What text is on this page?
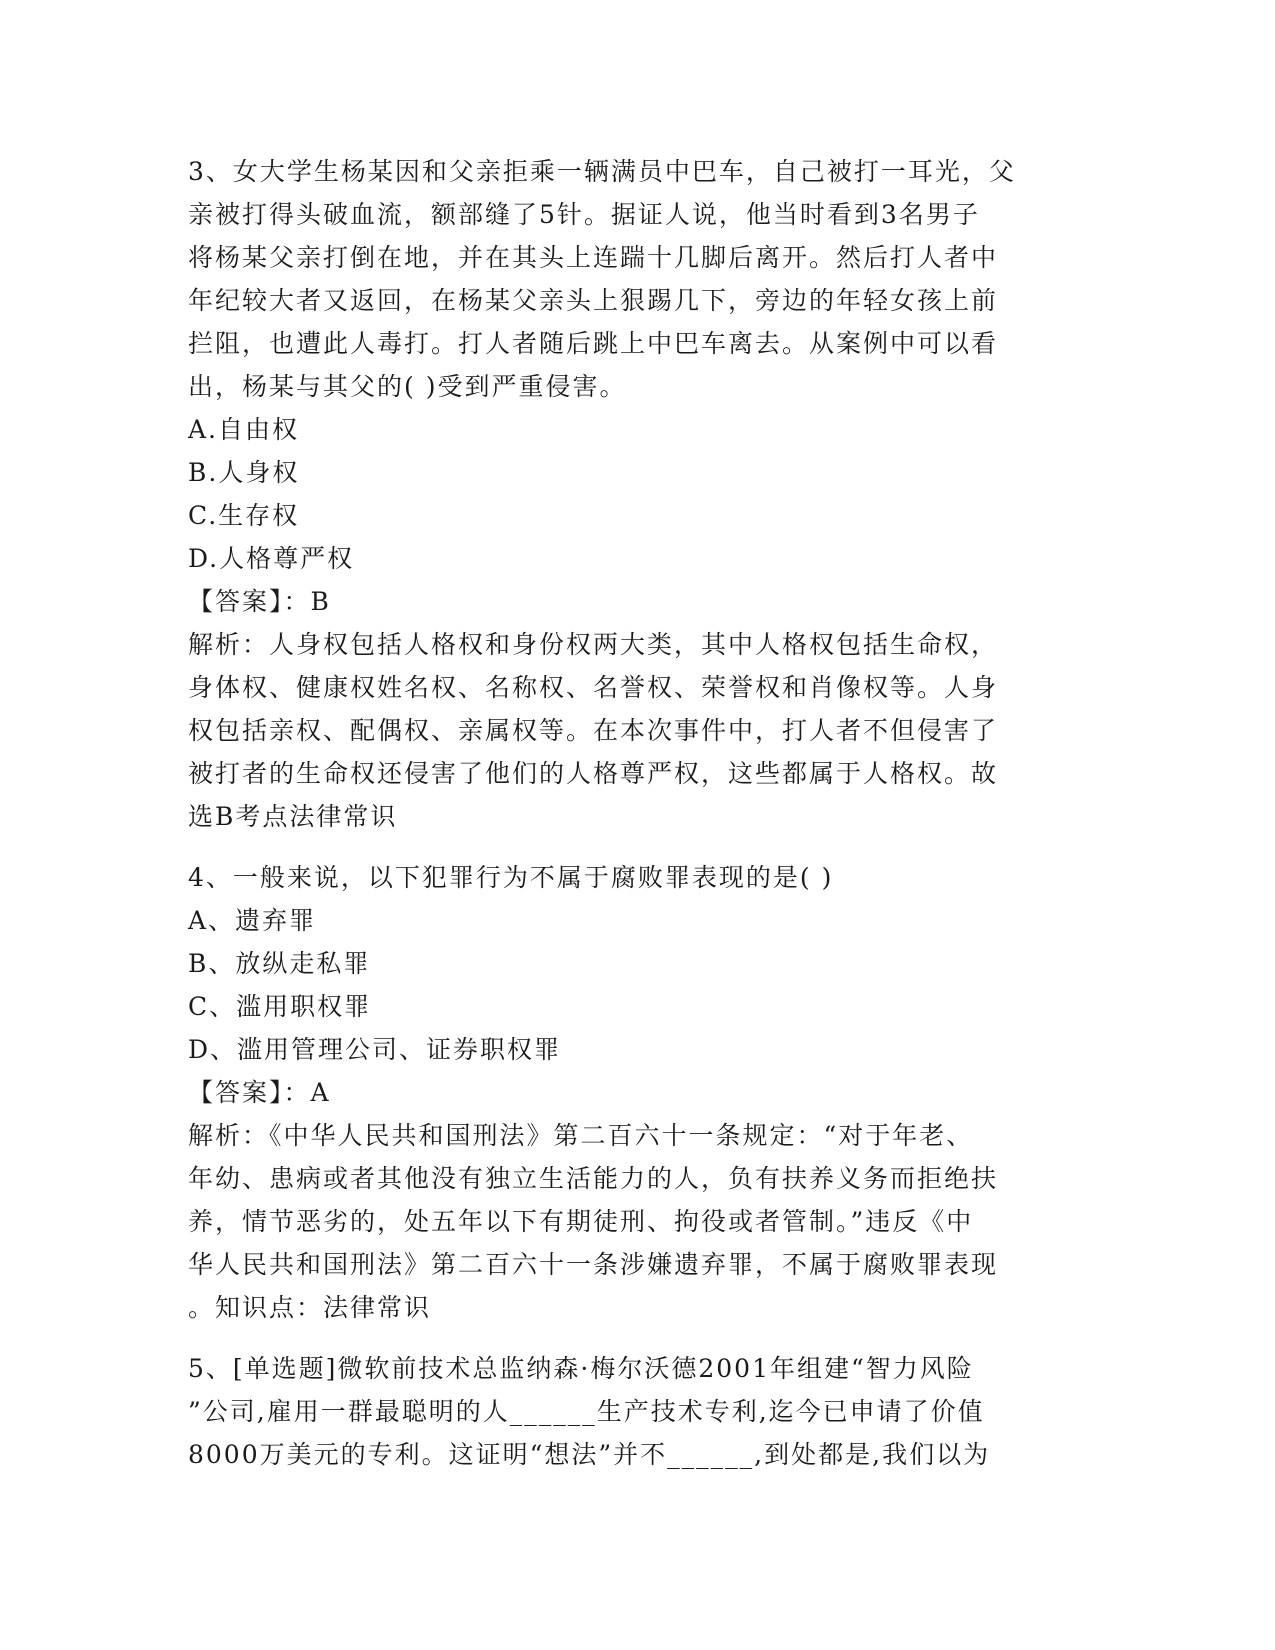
3、女大学生杨某因和父亲拒乘一辆满员中巴车，自己被打一耳光，父
亲被打得头破血流，额部缝了5针。据证人说，他当时看到3名男子
将杨某父亲打倒在地，并在其头上连踹十几脚后离开。然后打人者中
年纪较大者又返回，在杨某父亲头上狠踢几下，旁边的年轻女孩上前
拦阻，也遭此人毒打。打人者随后跳上中巴车离去。从案例中可以看
出，杨某与其父的( )受到严重侵害。
A.自由权
B.人身权
C.生存权
D.人格尊严权
【答案】：B
解析：人身权包括人格权和身份权两大类，其中人格权包括生命权，
身体权、健康权姓名权、名称权、名誉权、荣誉权和肖像权等。人身
权包括亲权、配偶权、亲属权等。在本次事件中，打人者不但侵害了
被打者的生命权还侵害了他们的人格尊严权，这些都属于人格权。故
选B考点法律常识
4、一般来说，以下犯罪行为不属于腐败罪表现的是( )
A、遗弃罪
B、放纵走私罪
C、滥用职权罪
D、滥用管理公司、证券职权罪
【答案】：A
解析：《中华人民共和国刑法》第二百六十一条规定：“对于年老、
年幼、患病或者其他没有独立生活能力的人，负有扶养义务而拒绝扶
养，情节恶劣的，处五年以下有期徒刑、拘役或者管制。”违反《中
华人民共和国刑法》第二百六十一条涉嫌遗弃罪，不属于腐败罪表现
。知识点：法律常识
5、[单选题]微软前技术总监纳森·梅尔沃德2001年组建“智力风险
”公司,雇用一群最聪明的人______生产技术专利,迄今已申请了价值
8000万美元的专利。这证明“想法”并不______,到处都是,我们以为
